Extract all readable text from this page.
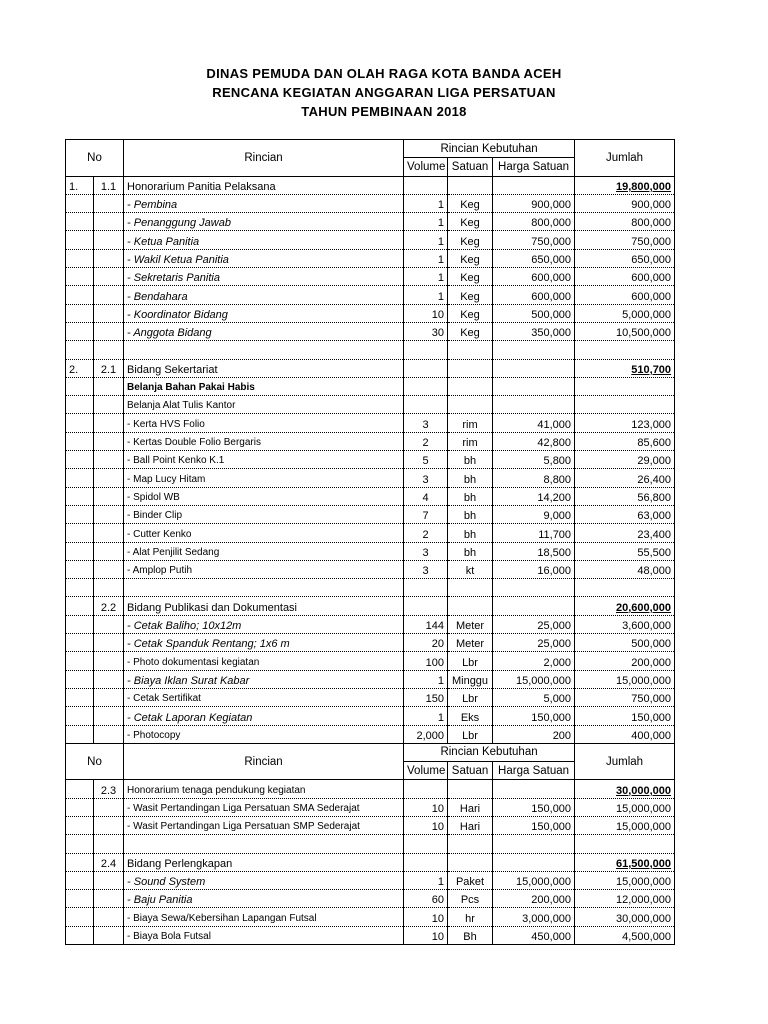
DINAS PEMUDA DAN OLAH RAGA KOTA BANDA ACEH
RENCANA KEGIATAN ANGGARAN LIGA PERSATUAN
TAHUN PEMBINAAN 2018
No		Rincian	Rincian Kebutuhan			Jumlah
			Volume	Satuan	Harga Satuan	
1.	1.1	Honorarium Panitia Pelaksana				19,800,000
		- Pembina	1	Keg	900,000	900,000
		- Penanggung Jawab	1	Keg	800,000	800,000
		- Ketua Panitia	1	Keg	750,000	750,000
		- Wakil Ketua Panitia	1	Keg	650,000	650,000
		- Sekretaris Panitia	1	Keg	600,000	600,000
		- Bendahara	1	Keg	600,000	600,000
		- Koordinator Bidang	10	Keg	500,000	5,000,000
		- Anggota Bidang	30	Keg	350,000	10,500,000

2.	2.1	Bidang Sekertariat				510,700
		Belanja Bahan Pakai Habis				
		Belanja Alat Tulis Kantor				
		- Kerta HVS Folio	3	rim	41,000	123,000
		- Kertas Double Folio Bergaris	2	rim	42,800	85,600
		- Ball Point Kenko K.1	5	bh	5,800	29,000
		- Map Lucy Hitam	3	bh	8,800	26,400
		- Spidol WB	4	bh	14,200	56,800
		- Binder Clip	7	bh	9,000	63,000
		- Cutter Kenko	2	bh	11,700	23,400
		- Alat Penjilit Sedang	3	bh	18,500	55,500
		- Amplop Putih	3	kt	16,000	48,000

	2.2	Bidang Publikasi dan Dokumentasi				20,600,000
		- Cetak Baliho; 10x12m	144	Meter	25,000	3,600,000
		- Cetak Spanduk Rentang; 1x6 m	20	Meter	25,000	500,000
		- Photo dokumentasi kegiatan	100	Lbr	2,000	200,000
		- Biaya Iklan Surat Kabar	1	Minggu	15,000,000	15,000,000
		- Cetak Sertifikat	150	Lbr	5,000	750,000
		- Cetak Laporan Kegiatan	1	Eks	150,000	150,000
		- Photocopy	2,000	Lbr	200	400,000
No		Rincian	Rincian Kebutuhan			Jumlah
			Volume	Satuan	Harga Satuan	
	2.3	Honorarium tenaga pendukung kegiatan				30,000,000
		- Wasit Pertandingan Liga Persatuan SMA Sederajat	10	Hari	150,000	15,000,000
		- Wasit Pertandingan Liga Persatuan SMP Sederajat	10	Hari	150,000	15,000,000

	2.4	Bidang Perlengkapan				61,500,000
		- Sound System	1	Paket	15,000,000	15,000,000
		- Baju Panitia	60	Pcs	200,000	12,000,000
		- Biaya Sewa/Kebersihan Lapangan Futsal	10	hr	3,000,000	30,000,000
		- Biaya Bola Futsal	10	Bh	450,000	4,500,000
